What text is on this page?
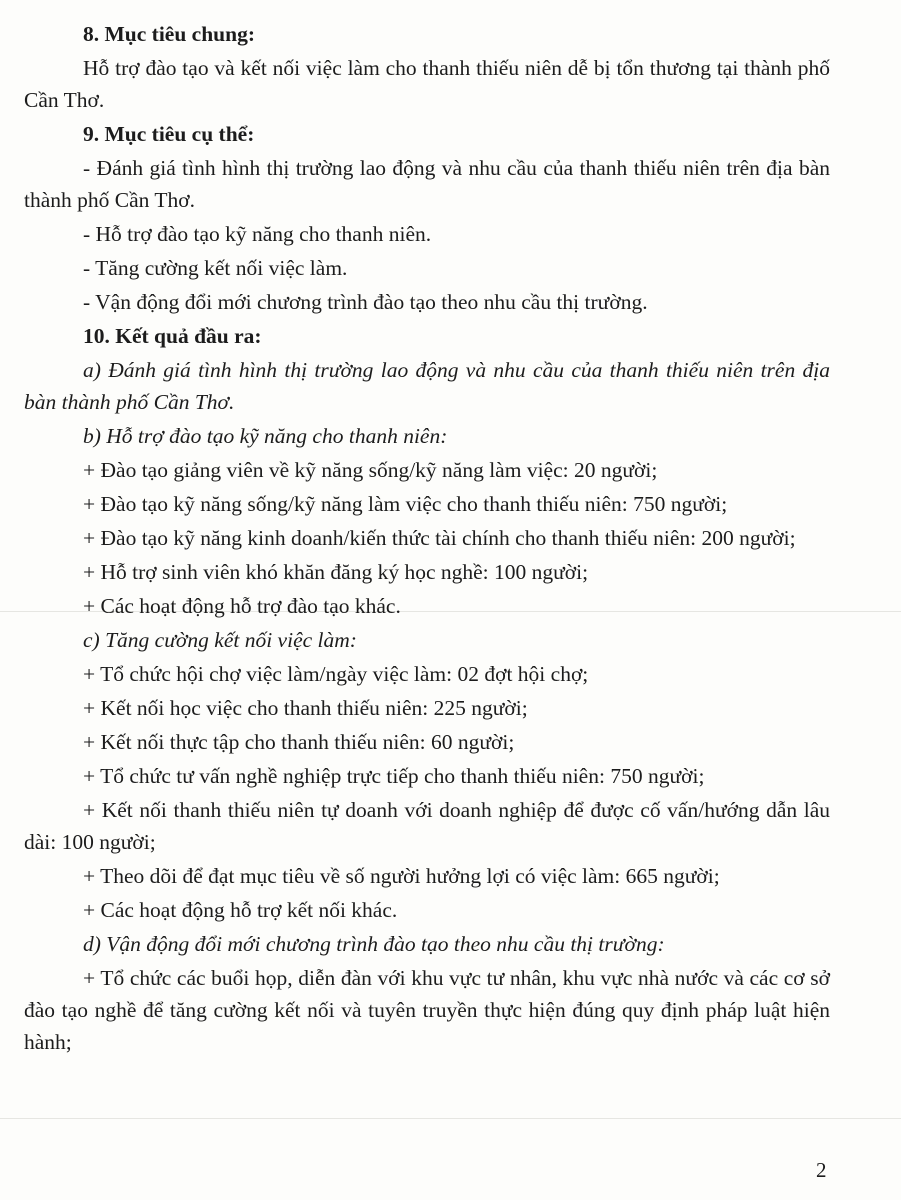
8. Mục tiêu chung:

Hỗ trợ đào tạo và kết nối việc làm cho thanh thiếu niên dễ bị tổn thương tại thành phố Cần Thơ.

9. Mục tiêu cụ thể:

- Đánh giá tình hình thị trường lao động và nhu cầu của thanh thiếu niên trên địa bàn thành phố Cần Thơ.

- Hỗ trợ đào tạo kỹ năng cho thanh niên.

- Tăng cường kết nối việc làm.

- Vận động đổi mới chương trình đào tạo theo nhu cầu thị trường.

10. Kết quả đầu ra:

a) Đánh giá tình hình thị trường lao động và nhu cầu của thanh thiếu niên trên địa bàn thành phố Cần Thơ.

b) Hỗ trợ đào tạo kỹ năng cho thanh niên:

+ Đào tạo giảng viên về kỹ năng sống/kỹ năng làm việc: 20 người;

+ Đào tạo kỹ năng sống/kỹ năng làm việc cho thanh thiếu niên: 750 người;

+ Đào tạo kỹ năng kinh doanh/kiến thức tài chính cho thanh thiếu niên: 200 người;

+ Hỗ trợ sinh viên khó khăn đăng ký học nghề: 100 người;

+ Các hoạt động hỗ trợ đào tạo khác.

c) Tăng cường kết nối việc làm:

+ Tổ chức hội chợ việc làm/ngày việc làm: 02 đợt hội chợ;

+ Kết nối học việc cho thanh thiếu niên: 225 người;

+ Kết nối thực tập cho thanh thiếu niên: 60 người;

+ Tổ chức tư vấn nghề nghiệp trực tiếp cho thanh thiếu niên: 750 người;

+ Kết nối thanh thiếu niên tự doanh với doanh nghiệp để được cố vấn/hướng dẫn lâu dài: 100 người;

+ Theo dõi để đạt mục tiêu về số người hưởng lợi có việc làm: 665 người;

+ Các hoạt động hỗ trợ kết nối khác.

d) Vận động đổi mới chương trình đào tạo theo nhu cầu thị trường:

+ Tổ chức các buổi họp, diễn đàn với khu vực tư nhân, khu vực nhà nước và các cơ sở đào tạo nghề để tăng cường kết nối và tuyên truyền thực hiện đúng quy định pháp luật hiện hành;

2
